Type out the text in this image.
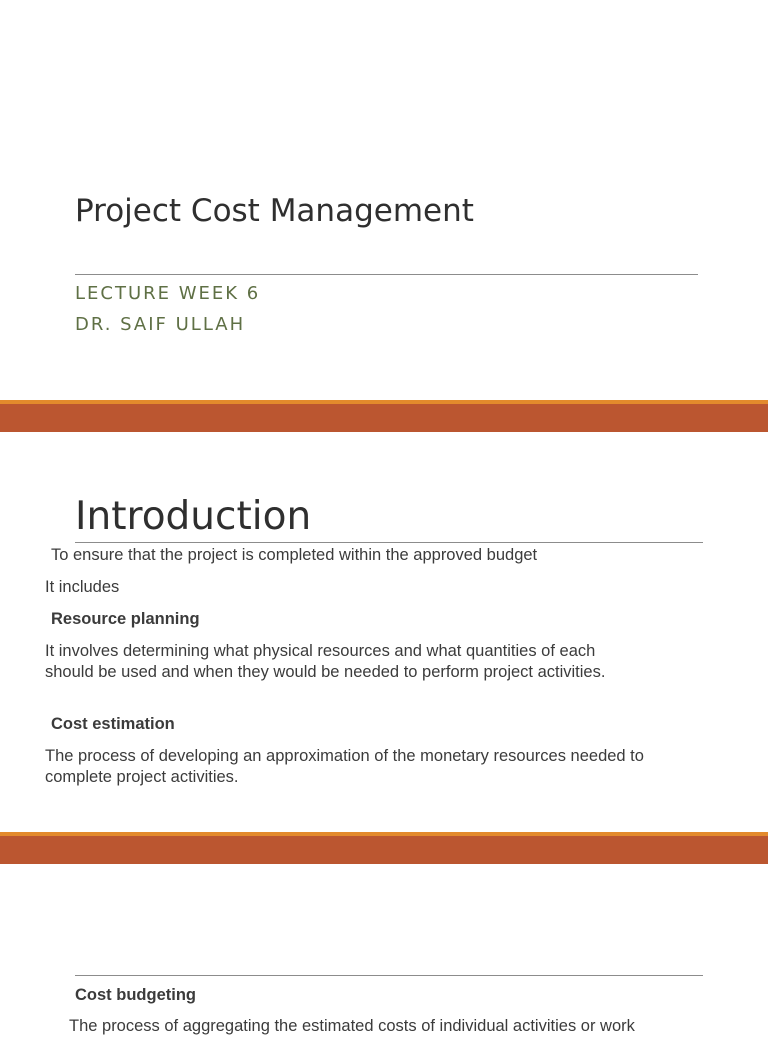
Project Cost Management

LECTURE WEEK 6

DR. SAIF ULLAH

Introduction

To ensure that the project is completed within the approved budget

It includes

Resource planning

It involves determining what physical resources and what quantities of each should be used and when they would be needed to perform project activities.

Cost estimation

The process of developing an approximation of the monetary resources needed to complete project activities.

Cost budgeting

The process of aggregating the estimated costs of individual activities or work
